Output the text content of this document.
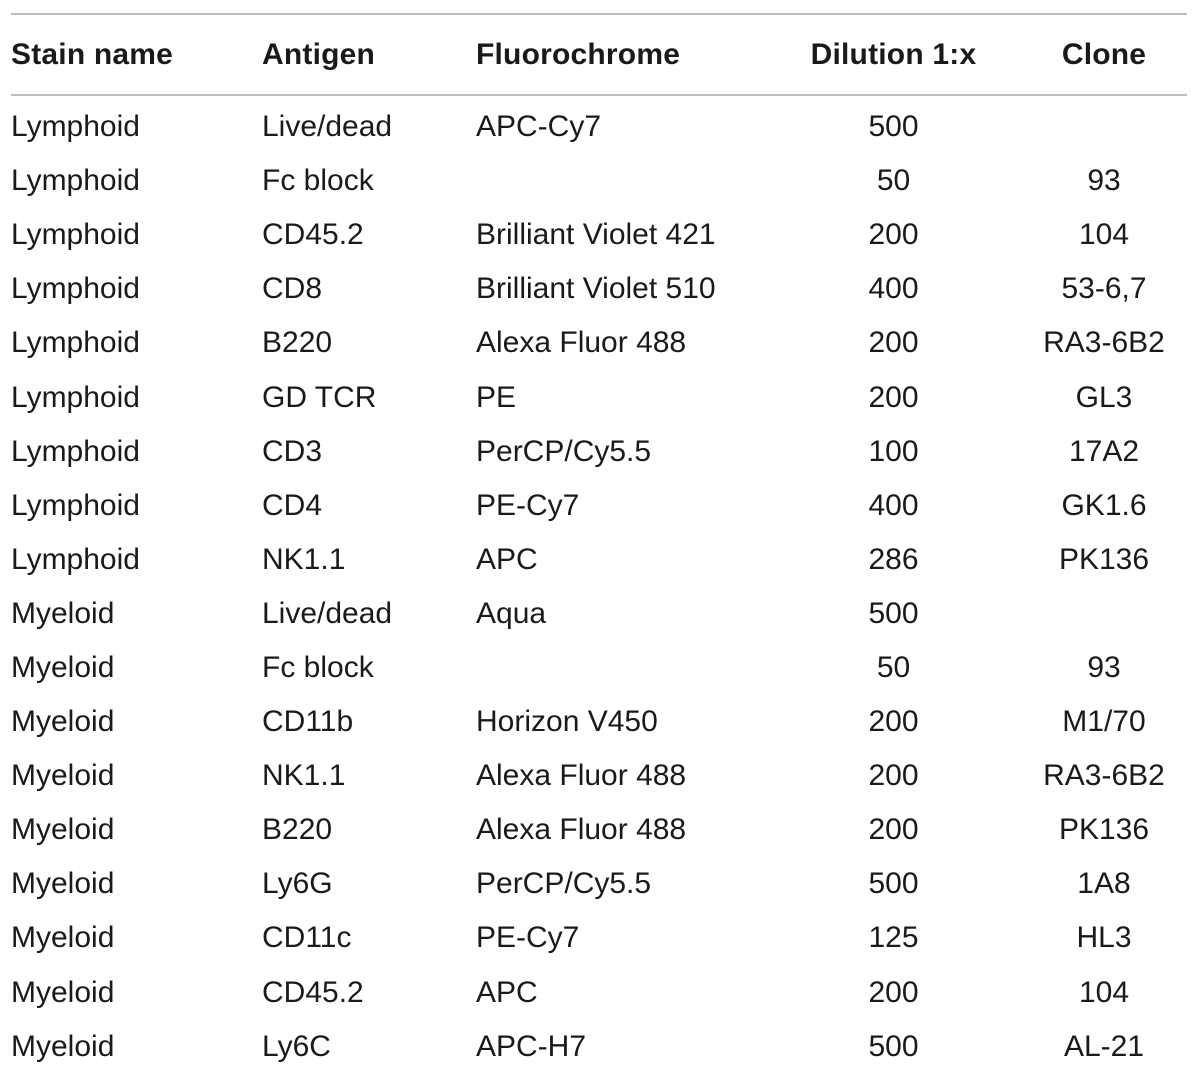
Stain name	Antigen	Fluorochrome	Dilution 1:x	Clone

Lymphoid	Live/dead	APC-Cy7	500	
Lymphoid	Fc block		50	93
Lymphoid	CD45.2	Brilliant Violet 421	200	104
Lymphoid	CD8	Brilliant Violet 510	400	53-6,7
Lymphoid	B220	Alexa Fluor 488	200	RA3-6B2
Lymphoid	GD TCR	PE	200	GL3
Lymphoid	CD3	PerCP/Cy5.5	100	17A2
Lymphoid	CD4	PE-Cy7	400	GK1.6
Lymphoid	NK1.1	APC	286	PK136
Myeloid	Live/dead	Aqua	500	
Myeloid	Fc block		50	93
Myeloid	CD11b	Horizon V450	200	M1/70
Myeloid	NK1.1	Alexa Fluor 488	200	RA3-6B2
Myeloid	B220	Alexa Fluor 488	200	PK136
Myeloid	Ly6G	PerCP/Cy5.5	500	1A8
Myeloid	CD11c	PE-Cy7	125	HL3
Myeloid	CD45.2	APC	200	104
Myeloid	Ly6C	APC-H7	500	AL-21
